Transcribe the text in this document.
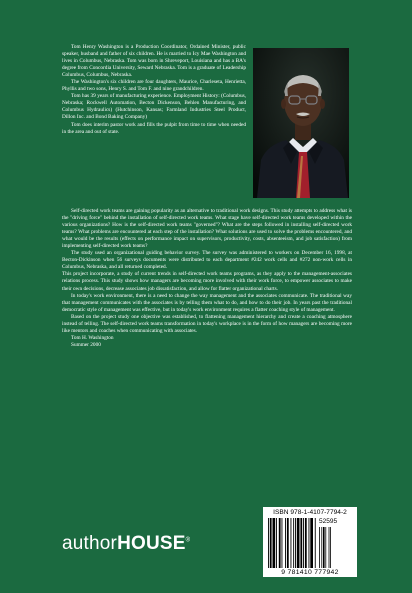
Tom Henry Washington is a Production Coordinator, Ordained Minister, public speaker, husband and father of six children. He is married to Icy Mae Washington and lives in Columbus, Nebraska. Tom was born in Shreveport, Louisiana and has a BA's degree from Concordia University, Seward Nebraska. Tom is a graduate of Leadership Columbus, Columbus, Nebraska.

The Washington's six children are four daughters, Maurice, Charleseta, Henrietta, Phyllis and two sons, Henry S. and Tom F. and nine grandchildren.

Tom has 39 years of manufacturing experience. Employment History: (Columbus, Nebraska; Rockwell Automation, Becton Dickenson, Behlen Manufacturing, and Columbus Hydraulics) (Hutchinson, Kansas; Farmland Industries Steel Product, Dillon Inc. and Bond Baking Company)

Tom does interim pastor work and fills the pulpit from time to time when needed in the area and out of state.

Self-directed work teams are gaining popularity as an alternative to traditional work designs. This study attempts to address what is the "driving force" behind the installation of self-directed work teams. What stage have self-directed work teams developed within the various organizations? How is the self-directed work teams "governed"? What are the steps followed in installing self-directed work teams? What problems are encountered at each step of the installation? What solutions are used to solve the problems encountered, and what would be the results (effects on performance impact on supervisors, productivity, costs, absenteeism, and job satisfaction) from implementing self-directed work teams?

The study used an organizational guiding behavior survey. The survey was administered to workers on December 16, 1998, at Becton-Dickinson when 56 surveys documents were distributed to each department #242 work cells and #272 non-work cells in Columbus, Nebraska, and all returned completed.

This project incorporate, a study of current trends in self-directed work teams programs, as they apply to the management-associates relations process. This study shows how managers are becoming more involved with their work force, to empower associates to make their own decisions, decrease associates job dissatisfaction, and allow for flatter organizational charts.

In today's work environment, there is a need to change the way management and the associates communicate. The traditional way that management communicates with the associates is by telling them what to do, and how to do their job. In years past the traditional democratic style of management was effective, but in today's work environment requires a flatter coaching style of management.

Based on the project study one objective was established, to flattening management hierarchy and create a coaching atmosphere instead of telling. The self-directed work teams transformation in today's workplace is in the form of how managers are becoming more like mentors and coaches when communicating with associates.

Tom H. Washington

Summer 2000

authorHOUSE®
ISBN 978-1-4107-7794-2
52595
9 781410 777942
